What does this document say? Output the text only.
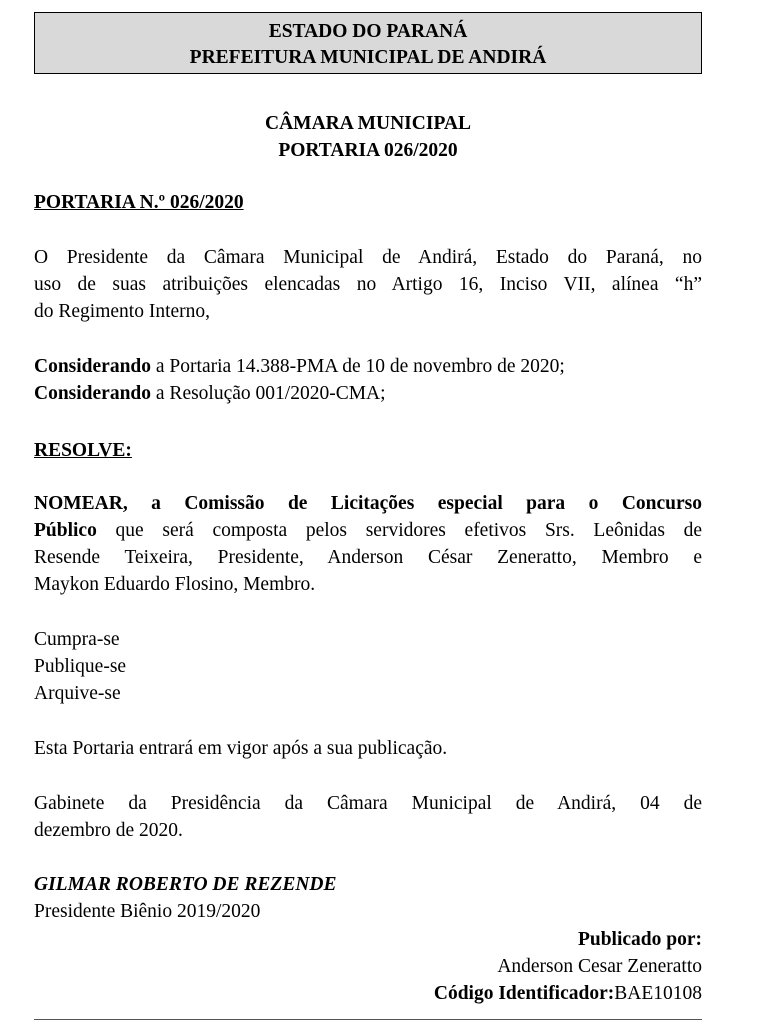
ESTADO DO PARANÁ
PREFEITURA MUNICIPAL DE ANDIRÁ
CÂMARA MUNICIPAL
PORTARIA 026/2020
PORTARIA N.º 026/2020
O Presidente da Câmara Municipal de Andirá, Estado do Paraná, no
uso de suas atribuições elencadas no Artigo 16, Inciso VII, alínea “h”
do Regimento Interno,
Considerando a Portaria 14.388-PMA de 10 de novembro de 2020;
Considerando a Resolução 001/2020-CMA;
RESOLVE:
NOMEAR, a Comissão de Licitações especial para o Concurso
Público que será composta pelos servidores efetivos Srs. Leônidas de
Resende Teixeira, Presidente, Anderson César Zeneratto, Membro e
Maykon Eduardo Flosino, Membro.
Cumpra-se
Publique-se
Arquive-se
Esta Portaria entrará em vigor após a sua publicação.
Gabinete da Presidência da Câmara Municipal de Andirá, 04 de
dezembro de 2020.
GILMAR ROBERTO DE REZENDE
Presidente Biênio 2019/2020
Publicado por:
Anderson Cesar Zeneratto
Código Identificador:BAE10108
